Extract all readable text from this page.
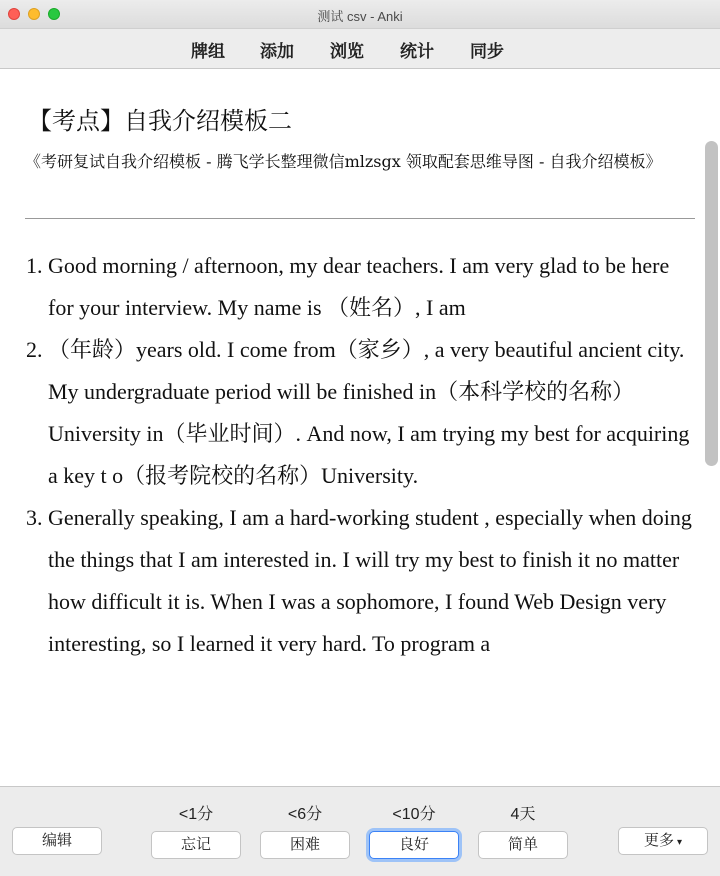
测试 csv - Anki
牌组 添加 浏览 统计 同步
【考点】自我介绍模板二
《考研复试自我介绍模板 - 腾飞学长整理微信mlzsgx 领取配套思维导图 - 自我介绍模板》
1. Good morning / afternoon, my dear teachers. I am very glad to be here for your interview. My name is （姓名）, I am
2. （年龄）years old. I come from（家乡）, a very beautiful ancient city. My undergraduate period will be finished in（本科学校的名称）University in（毕业时间）. And now, I am trying my best for acquiring a key t o（报考院校的名称）University.
3. Generally speaking, I am a hard-working student , especially when doing the things that I am interested in. I will try my best to finish it no matter how difficult it is. When I was a sophomore, I found Web Design very interesting, so I learned it very hard. To program a
<1分	<6分	<10分	4天
编辑	忘记	困难	良好	简单	更多 ▾
